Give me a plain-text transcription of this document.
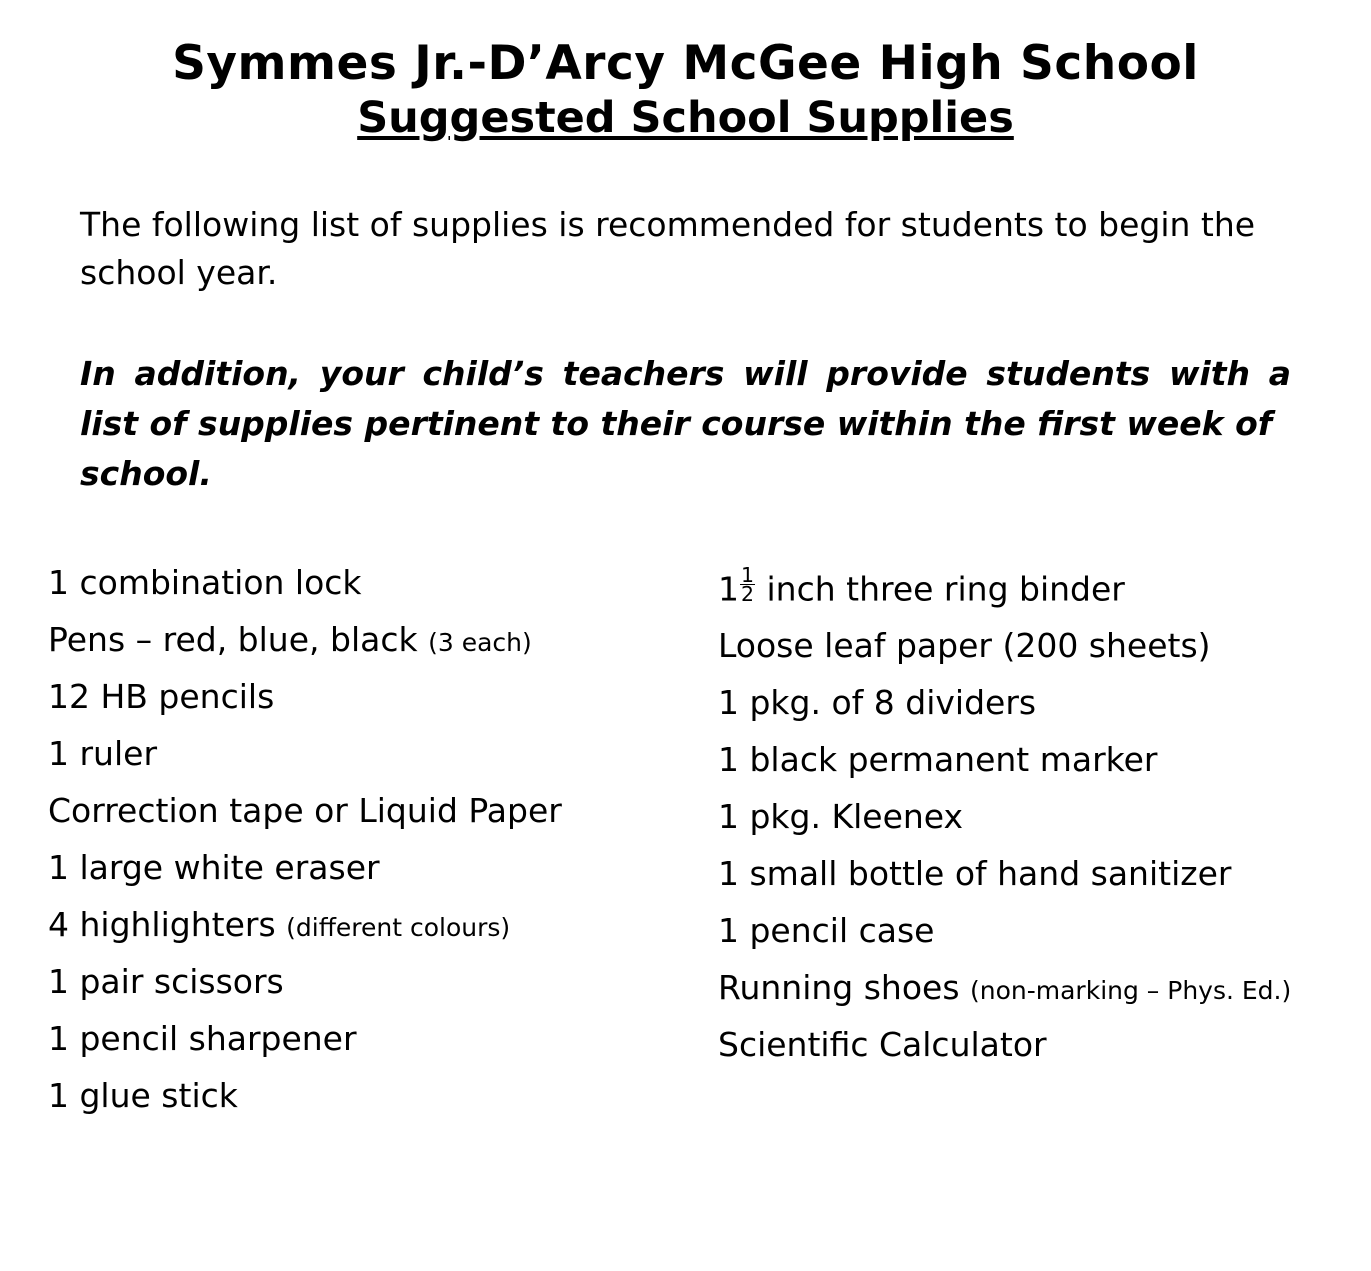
Symmes Jr.-D’Arcy McGee High School
Suggested School Supplies
The following list of supplies is recommended for students to begin the school year.
In addition, your child’s teachers will provide students with a list of supplies pertinent to their course within the first week of
school.
1 combination lock
Pens – red, blue, black (3 each)
12 HB pencils
1 ruler
Correction tape or Liquid Paper
1 large white eraser
4 highlighters (different colours)
1 pair scissors
1 pencil sharpener
1 glue stick
$1 \frac{1}{2}$ inch three ring binder
Loose leaf paper (200 sheets)
1 pkg. of 8 dividers
1 black permanent marker
1 pkg. Kleenex
1 small bottle of hand sanitizer
1 pencil case
Running shoes (non-marking – Phys. Ed.)
Scientific Calculator
